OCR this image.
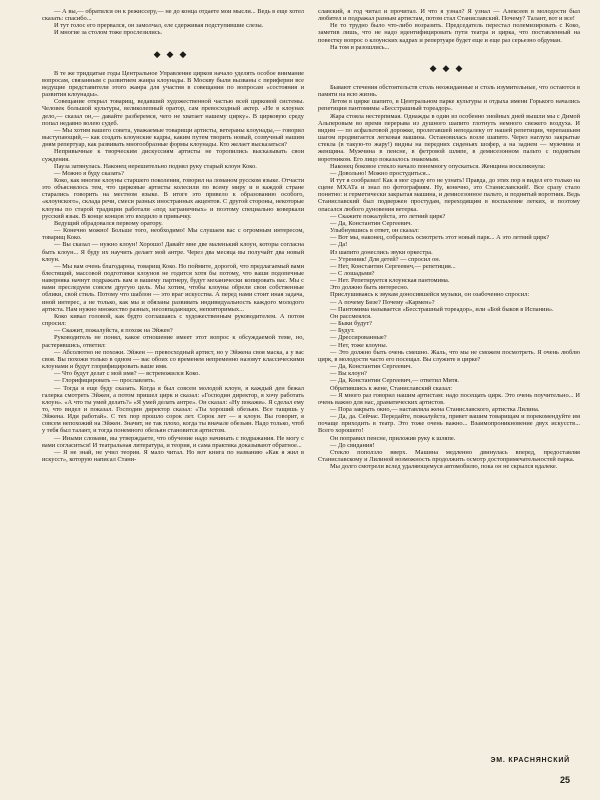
— А вы,— обратился он к режиссеру,— не до конца отдаете мои мысли... Ведь в еще хотел сказать: спасибо...

И тут голос его прервался, он замолчал, еле сдерживая подступившие слезы.

И многие за столом тоже прослезились.

◆◆◆

В те же тридцатые годы Центральное Управление цирков начало уделять особое внимание вопросам, связанным с развитием жанра клоунады. В Москву были вызваны с периферии все ведущие представители этого жанра для участия в совещании по вопросам «состояния и развития клоунады».

Совещание открыл товарищ, ведавший художественной частью всей цирковой системы. Человек большой культуры, великолепный оратор, сам превосходный актер. «Не в клоунах дело,— сказал он,— давайте разберемся, чего не хватает нашему цирку». В цирковую среду попал недавно волею судеб.

— Мы хотим вашего совета, уважаемые товарищи артисты, ветераны клоунады,— говорил выступающий,— как создать клоунские кадры, каким путем творить новый, созвучный нашим дням репертуар, как развивать многообразные формы клоунады. Кто желает высказаться?

Непривычные к творческим дискуссиям артисты не торопились высказывать свои суждения.

Пауза затянулась. Наконец нерешительно поднял руку старый клоун Коко.

— Можно я буду сказать?

Коко, как многие клоуны старшего поколения, говорил на ломаном русском языке. Отчасти это объяснялось тем, что цирковые артисты колесили по всему миру и в каждой стране старались говорить на местном языке. В итоге это привело к образованию особого, «клоунского», склада речи, смеси разных иностранных акцентов. С другой стороны, некоторые клоуны по старой традиции работали «под заграничных» и поэтому специально коверкали русский язык. В конце концов это входило в привычку.

Ведущий обрадовался первому оратору.

— Конечно можно! Больше того, необходимо! Мы слушаем вас с огромным интересом, товарищ Коко.

— Вы сказал — нужно клоун! Хорошо! Давайт мне две маленький клоун, которы согласна быть клоун... Я буду их научить делает мой антре. Через два месяца вы получайт два новый клоун.

— Мы вам очень благодарны, товарищ Коко. Но поймите, дорогой, что предлагаемый вами блестящий, массовой подготовки клоунов не годится хотя бы потому, что ваши подопечные наверняка начнут подражать вам и вашему партнеру, будут механически копировать вас. Мы с вами преследуем совсем другую цель. Мы хотим, чтобы клоуны обрели свои собственные облики, свой стиль. Потому что шаблон — это враг искусства. А перед нами стоит иная задача, иной интерес, а не только, как мы и обязаны развивать индивидуальность каждого молодого артиста. Нам нужно множество разных, несовпадающих, неповторимых...

Коко кивал головой, как будто соглашаясь с художественным руководителем. А потом спросил:

— Скажит, пожалуйста, я похож на Эйжен?

Руководитель не понял, какое отношение имеет этот вопрос к обсуждаемой теме, но, растерявшись, ответил:

— Абсолютно не похожи. Эйжен — превосходный артист, но у Эйжена своя маска, а у вас своя. Вы похожи только в одном — вас обоих со временем непременно назовут классическими клоунами и будут глорифицировать ваше имя.

— Что будут делат с мой имя? — встревожился Коко.

— Глорифицировать — прославлять.

— Тогда я еще буду сказать. Когда я был совсем молодой клоун, я каждый ден бежал галерка смотреть Эйжен, а потом пришел цирк и сказал: «Господин директор, я хочу работать клоун». «А что ты умей делать?» «Я умей делать антре». Он сказал: «Ну покажи». Я сделал ему то, что видел и показал. Господин директор сказал: «Ты хороший обезьян. Все тащишь у Эйжена. Иди работай». С тех пор прошло сорок лет. Сорок лет — я клоун. Вы говорит, я совсем непохожий на Эйжен. Значит, не так плохо, когда ты вначале обезьян. Надо только, чтоб у тебя был талант, и тогда понемного обезьян становится артистом.

— Иными словами, вы утверждаете, что обучение надо начинать с подражания. Не могу с вами согласиться! И театральная литература, и теория, и сама практика доказывают обратное...

— Я не знай, не учил теория. Я мало читал. Но вот книга по названию «Как я жил в искусст», которую написал Стани-

славский, я год читал и прочитал. И что я узнал? Я узнал — Алексеев в молодости был любител и подражал разным артистам, потом стал Станиславский. Почему? Талант, вот и все!

Не то трудно было что-либо возразить. Председатель перестал полемизировать с Коко, заметив лишь, что не надо идентифицировать пути театра и цирка, что поставленный на повестку вопрос о клоунских кадрах и репертуаре будет еще и еще раз серьезно обдуман.

На том и разошлись...

◆◆◆

Бывают стечения обстоятельств столь неожиданные и столь изумительные, что остаются в памяти на всю жизнь.

Летом в цирке шапито, в Центральном парке культуры и отдыха имени Горького начались репетиции пантомимы «Бесстрашный тореадор».

Жара стояла нестерпимая. Однажды в один из особенно знойных дней вышли мы с Димой Альперовым во время перерыва из душного шапито глотнуть немного свежего воздуха. И видим — по асфальтовой дорожке, пролегавшей неподалеку от нашей репетиции, черепашьим шагом продвигается легковая машина. Остановилась возле шапито. Через наглухо закрытые стекла (в такую-то жару!) видны на передних сиденьях шофер, а на заднем — мужчина и женщина. Мужчина в пенсне, в фетровой шляпе, в демисезонном пальто с поднятым воротником. Его лицо показалось знакомым.

Наконец боковое стекло начало понемногу опускаться. Женщина воскликнула:

— Довольно! Можно простудиться...

И тут я сообразил! Как я мог сразу его не узнать! Правда, до этих пор я видел его только на сцене МХАТа и знал по фотографиям. Ну, конечно, это Станиславский!. Все сразу стало понятно: и герметически закрытая машина, и демисезонное пальто, и поднятый воротник. Ведь Станиславский был подвержен простудам, переходящим в воспаление легких, и поэтому опасался любого дуновения ветерка.

— Скажите пожалуйста, это летний цирк?

— Да, Константин Сергеевич.

Улыбнувшись в ответ, он сказал:

— Вот мы, наконец, собрались осмотреть этот новый парк... А это летний цирк?

— Да!

Из шапито донеслись звуки оркестра.

— Утренник! Для детей? — спросил он.

— Нет, Константин Сергеевич,— репетиция...

— С лошадьми?

— Нет. Репетируется клоунская пантомима.

Это должно быть интересно.

Прислушиваясь к звукам доносившейся музыки, он озабоченно спросил:

— А почему Бизе? Почему «Кармен»?

— Пантомима называется «Бесстрашный тореадор», или «Бой быков в Испании».

Он рассмеялся.

— Быки будут?

— Будут.

— Дрессированные?

— Нет, тоже клоуны.

— Это должно быть очень смешно. Жаль, что мы не сможем посмотреть. Я очень люблю цирк, в молодости часто его посещал. Вы служите в цирке?

— Да, Константин Сергеевич.

— Вы клоун?

— Да, Константин Сергеевич,— ответил Митя.

Обратившись к жене, Станиславский сказал:

— Я много раз говорил нашим артистам: надо посещать цирк. Это очень поучительно... И очень важно для нас, драматических артистов.

— Пора закрыть окно,— наставляла жена Станиславского, артистка Лилина.

— Да, да. Сейчас. Передайте, пожалуйста, привет вашим товарищам и порекомендуйте им почаще приходить в театр. Это тоже очень важно... Взаимопроникновение двух искусств... Всего хорошего!

Он поправил пенсне, приложив руку к шляпе.

— До свидания!

Стекло поползло вверх. Машина медленно двинулась вперед, предоставляя Станиславскому и Лилиной возможность продолжить осмотр достопримечательностей парка.

Мы долго смотрели вслед удаляющемуся автомобилю, пока он не скрылся вдалеке.

ЭМ. КРАСНЯНСКИЙ
25
